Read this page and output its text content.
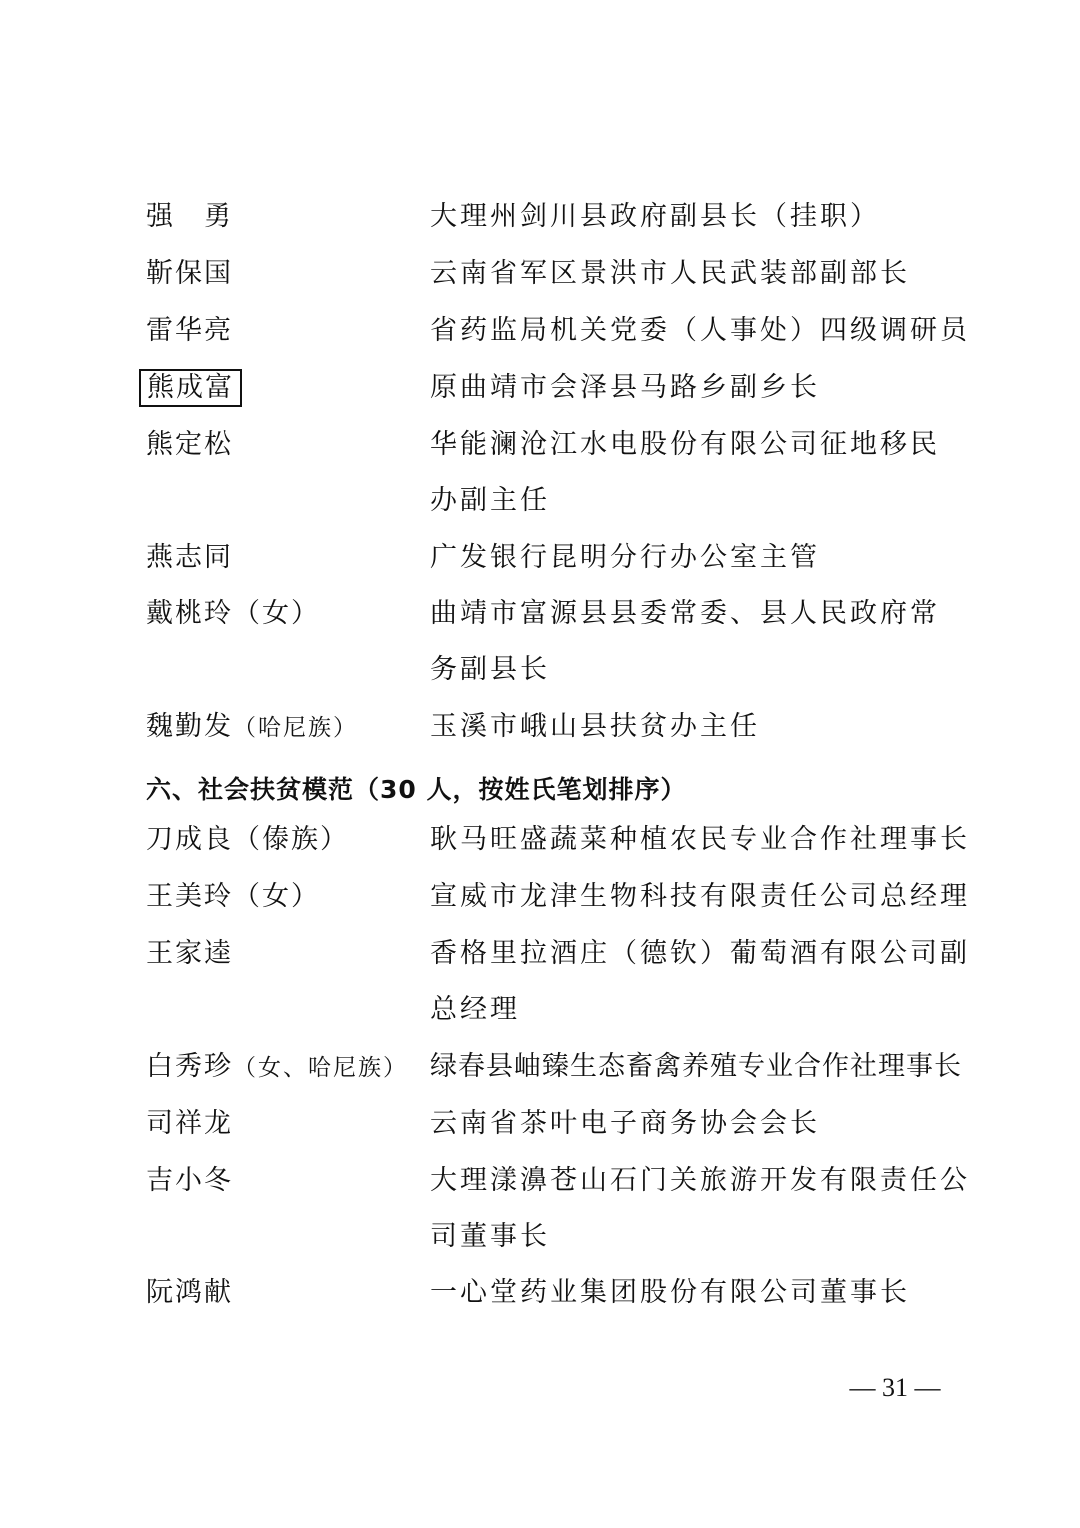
强　勇	大理州剑川县政府副县长（挂职）
靳保国	云南省军区景洪市人民武装部副部长
雷华亮	省药监局机关党委（人事处）四级调研员
熊成富	原曲靖市会泽县马路乡副乡长
熊定松	华能澜沧江水电股份有限公司征地移民
办副主任
燕志同	广发银行昆明分行办公室主管
戴桃玲（女）	曲靖市富源县县委常委、县人民政府常
务副县长
魏勤发（哈尼族）	玉溪市峨山县扶贫办主任
六、社会扶贫模范（30 人，按姓氏笔划排序）
刀成良（傣族）	耿马旺盛蔬菜种植农民专业合作社理事长
王美玲（女）	宣威市龙津生物科技有限责任公司总经理
王家逵	香格里拉酒庄（德钦）葡萄酒有限公司副
总经理
白秀珍（女、哈尼族） 绿春县岫臻生态畜禽养殖专业合作社理事长
司祥龙	云南省茶叶电子商务协会会长
吉小冬	大理漾濞苍山石门关旅游开发有限责任公
司董事长
阮鸿献	一心堂药业集团股份有限公司董事长
— 31 —
